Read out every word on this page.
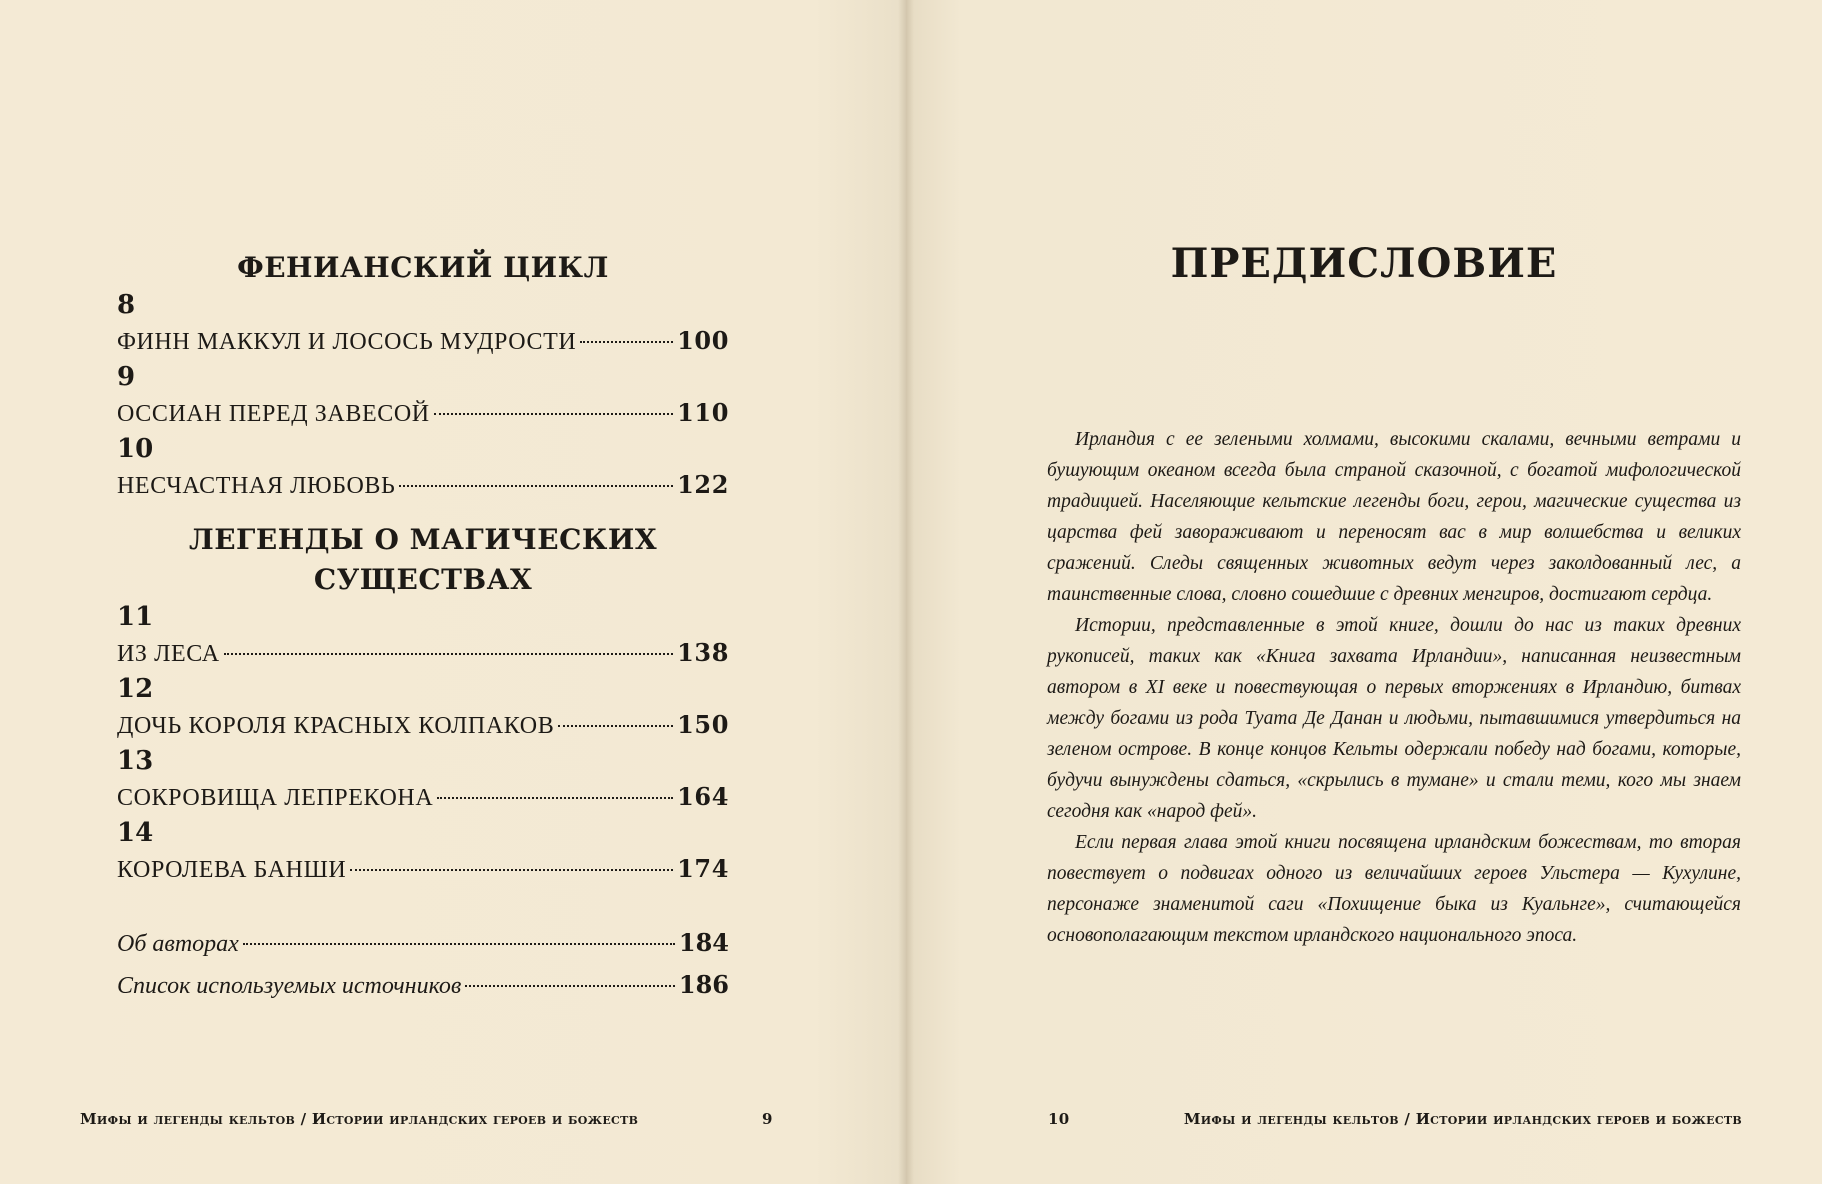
ФЕНИАНСКИЙ ЦИКЛ
8
ФИНН МАККУЛ И ЛОСОСЬ МУДРОСТИ	100
9
ОССИАН ПЕРЕД ЗАВЕСОЙ	110
10
НЕСЧАСТНАЯ ЛЮБОВЬ	122
ЛЕГЕНДЫ О МАГИЧЕСКИХ СУЩЕСТВАХ
11
ИЗ ЛЕСА	138
12
ДОЧЬ КОРОЛЯ КРАСНЫХ КОЛПАКОВ	150
13
СОКРОВИЩА ЛЕПРЕКОНА	164
14
КОРОЛЕВА БАНШИ	174
Об авторах	184
Список используемых источников	186
ПРЕДИСЛОВИЕ

Ирландия с ее зелеными холмами, высокими скалами, вечными ветрами и бушующим океаном всегда была страной сказочной, с богатой мифологической традицией. Населяющие кельтские легенды боги, герои, магические существа из царства фей завораживают и переносят вас в мир волшебства и великих сражений. Следы священных животных ведут через заколдованный лес, а таинственные слова, словно сошедшие с древних менгиров, достигают сердца.

Истории, представленные в этой книге, дошли до нас из таких древних рукописей, таких как «Книга захвата Ирландии», написанная неизвестным автором в XI веке и повествующая о первых вторжениях в Ирландию, битвах между богами из рода Туата Де Данан и людьми, пытавшимися утвердиться на зеленом острове. В конце концов Кельты одержали победу над богами, которые, будучи вынуждены сдаться, «скрылись в тумане» и стали теми, кого мы знаем сегодня как «народ фей».

Если первая глава этой книги посвящена ирландским божествам, то вторая повествует о подвигах одного из величайших героев Ульстера — Кухулине, персонаже знаменитой саги «Похищение быка из Куальнге», считающейся основополагающим текстом ирландского национального эпоса.

Мифы и легенды кельтов / Истории ирландских героев и божеств	9	10	Мифы и легенды кельтов / Истории ирландских героев и божеств
